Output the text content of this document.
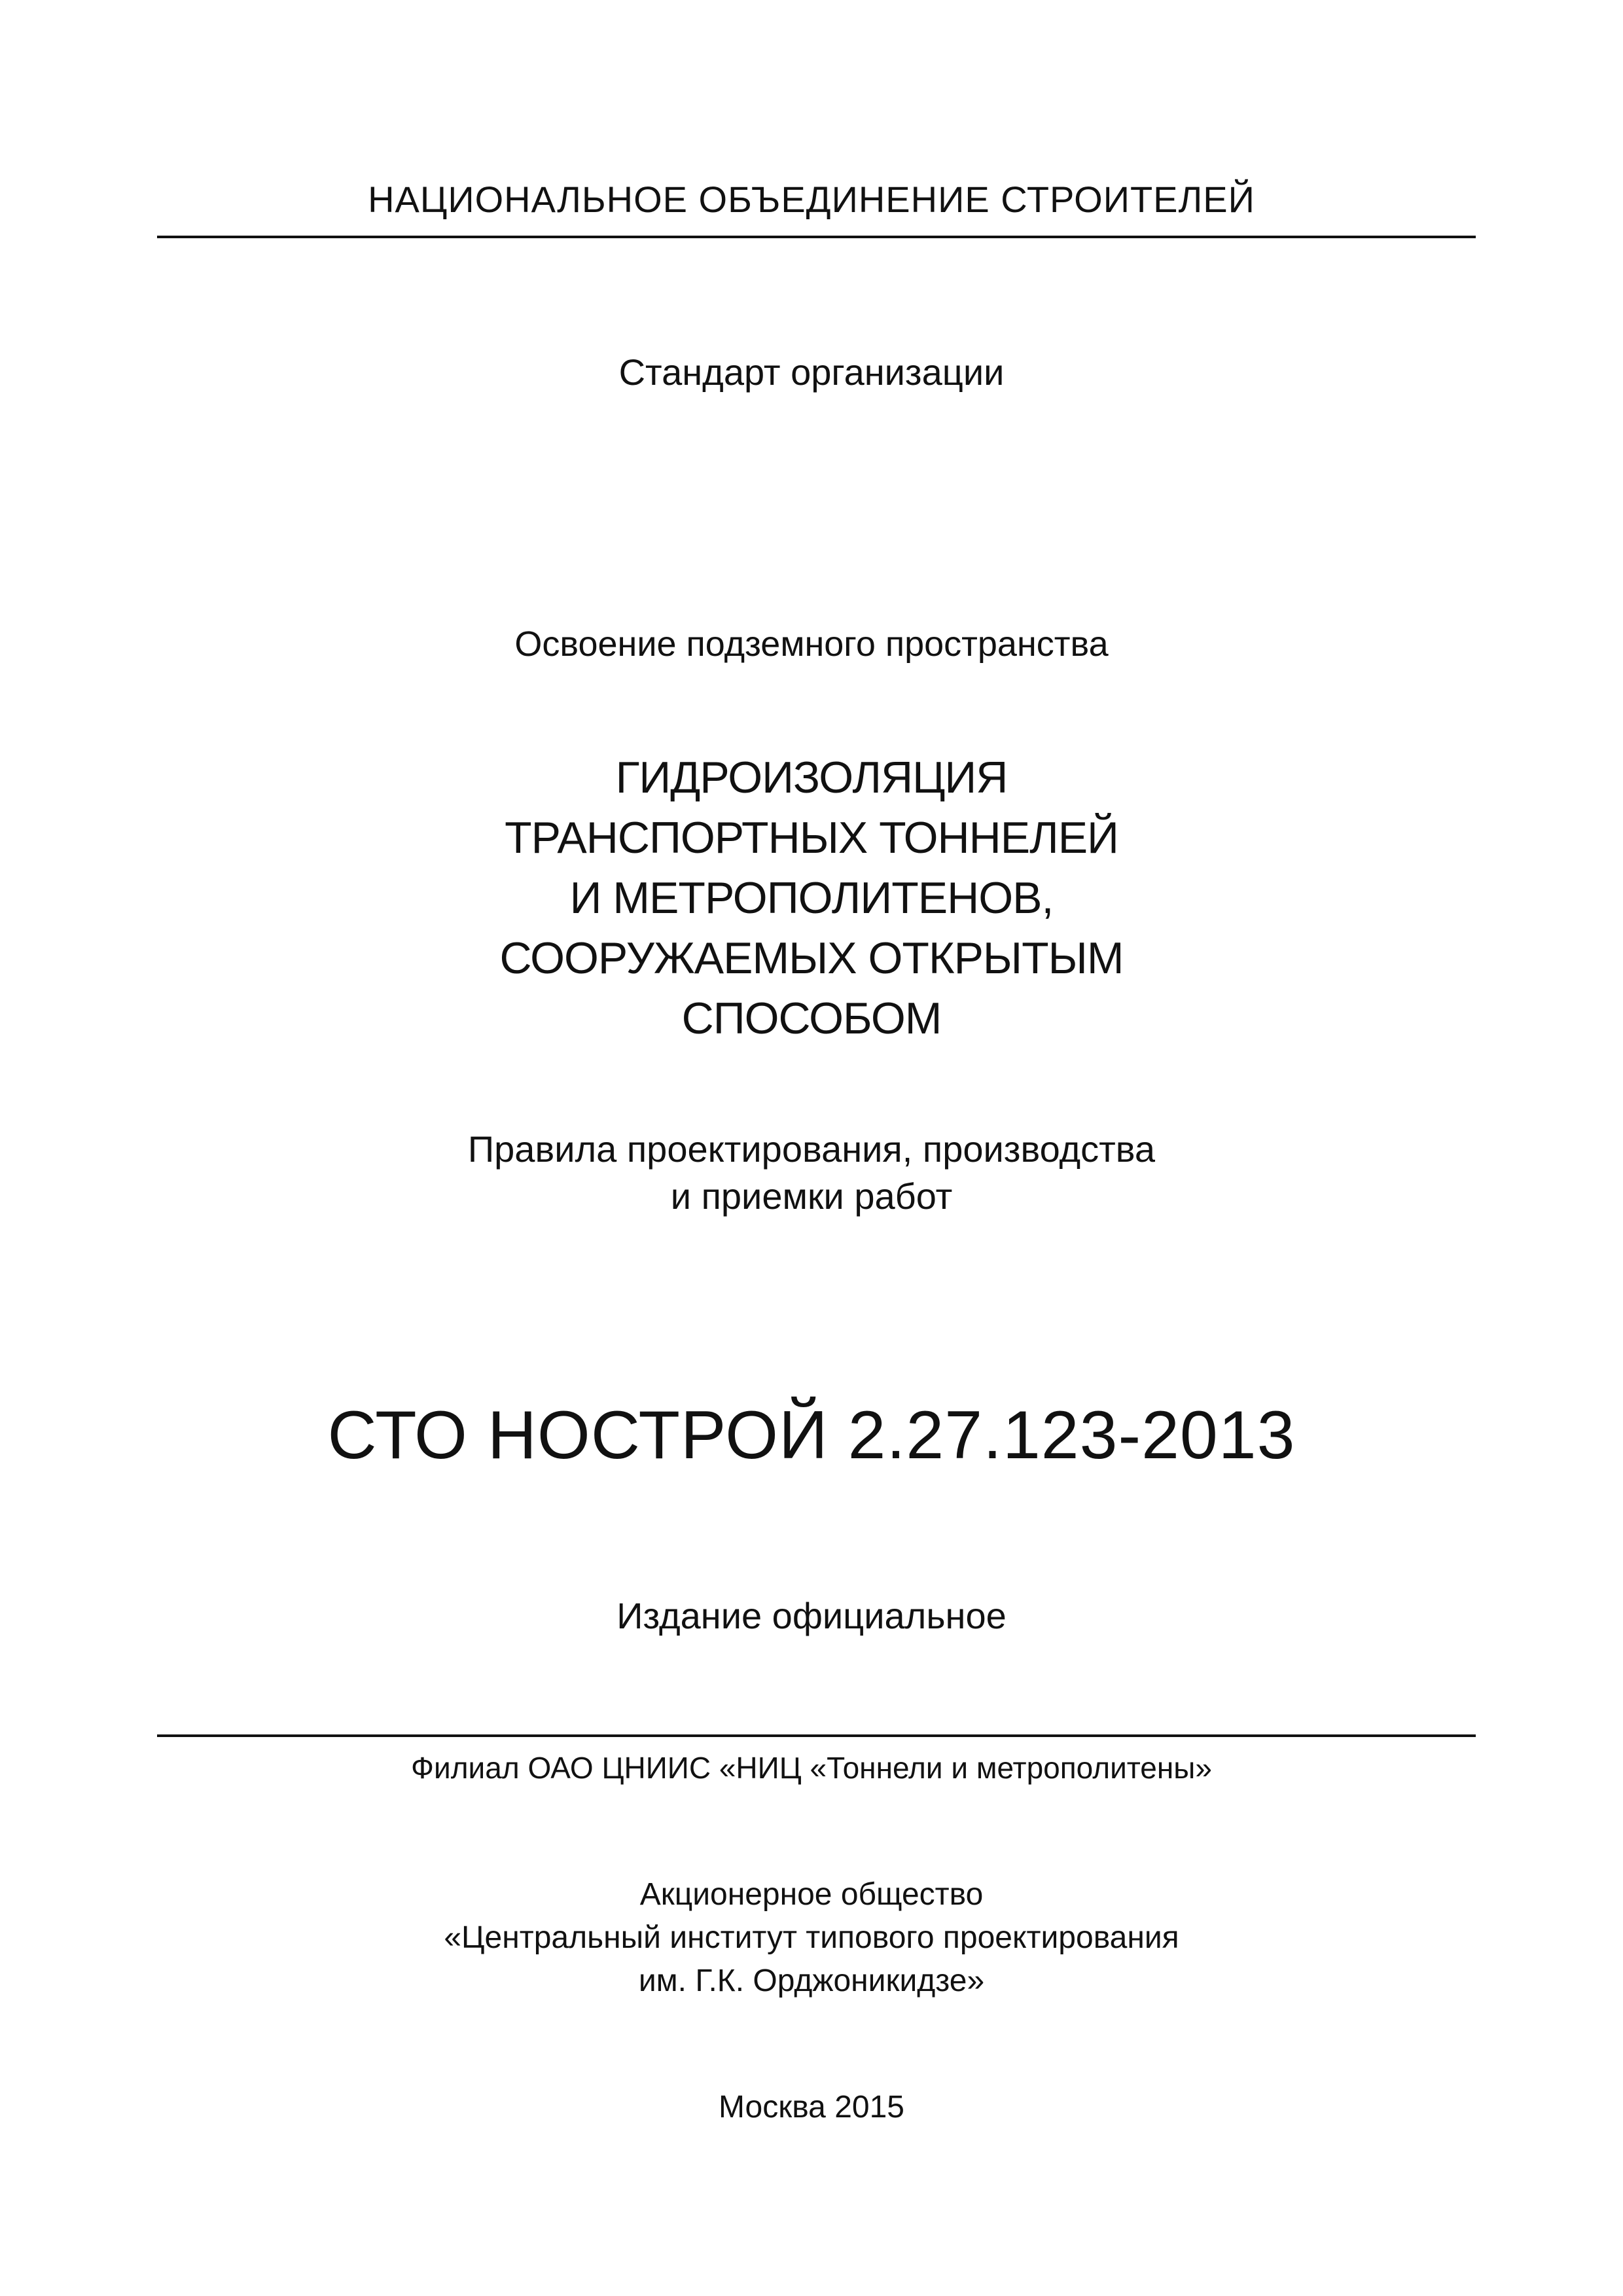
НАЦИОНАЛЬНОЕ ОБЪЕДИНЕНИЕ СТРОИТЕЛЕЙ
Стандарт организации
Освоение подземного пространства
ГИДРОИЗОЛЯЦИЯ
ТРАНСПОРТНЫХ ТОННЕЛЕЙ
И МЕТРОПОЛИТЕНОВ,
СООРУЖАЕМЫХ ОТКРЫТЫМ
СПОСОБОМ
Правила проектирования, производства
и приемки работ
СТО НОСТРОЙ 2.27.123-2013
Издание официальное
Филиал ОАО ЦНИИС «НИЦ «Тоннели и метрополитены»
Акционерное общество
«Центральный институт типового проектирования
им. Г.К. Орджоникидзе»
Москва 2015
